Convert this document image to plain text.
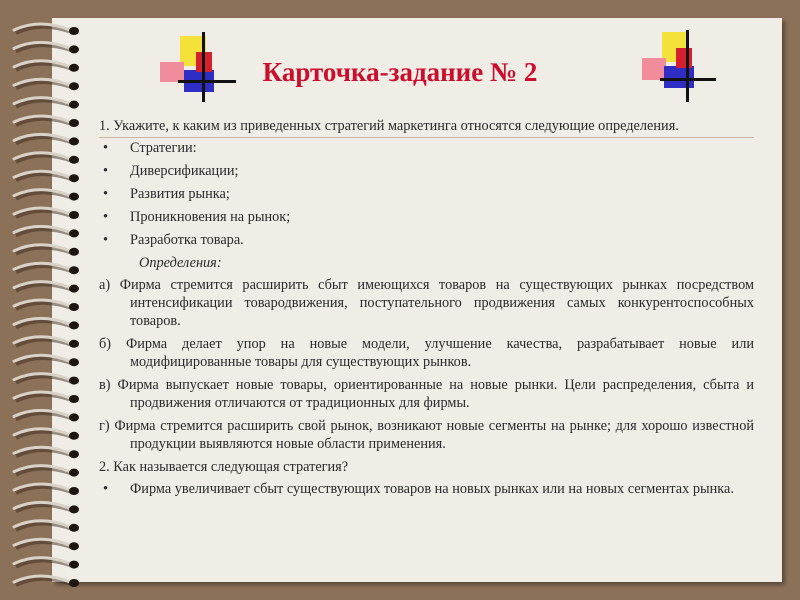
Карточка-задание № 2

1. Укажите, к каким из приведенных стратегий маркетинга относятся следующие определения.

• Стратегии:
• Диверсификации;
• Развития рынка;
• Проникновения на рынок;
• Разработка товара.

Определения:

а) Фирма стремится расширить сбыт имеющихся товаров на существующих рынках посредством интенсификации товародвижения, поступательного продвижения самых конкурентоспособных товаров.

б) Фирма делает упор на новые модели, улучшение качества, разрабатывает новые или модифицированные товары для существующих рынков.

в) Фирма выпускает новые товары, ориентированные на новые рынки. Цели распределения, сбыта и продвижения отличаются от традиционных для фирмы.

г) Фирма стремится расширить свой рынок, возникают новые сегменты на рынке; для хорошо известной продукции выявляются новые области применения.

2. Как называется следующая стратегия?

• Фирма увеличивает сбыт существующих товаров на новых рынках или на новых сегментах рынка.
